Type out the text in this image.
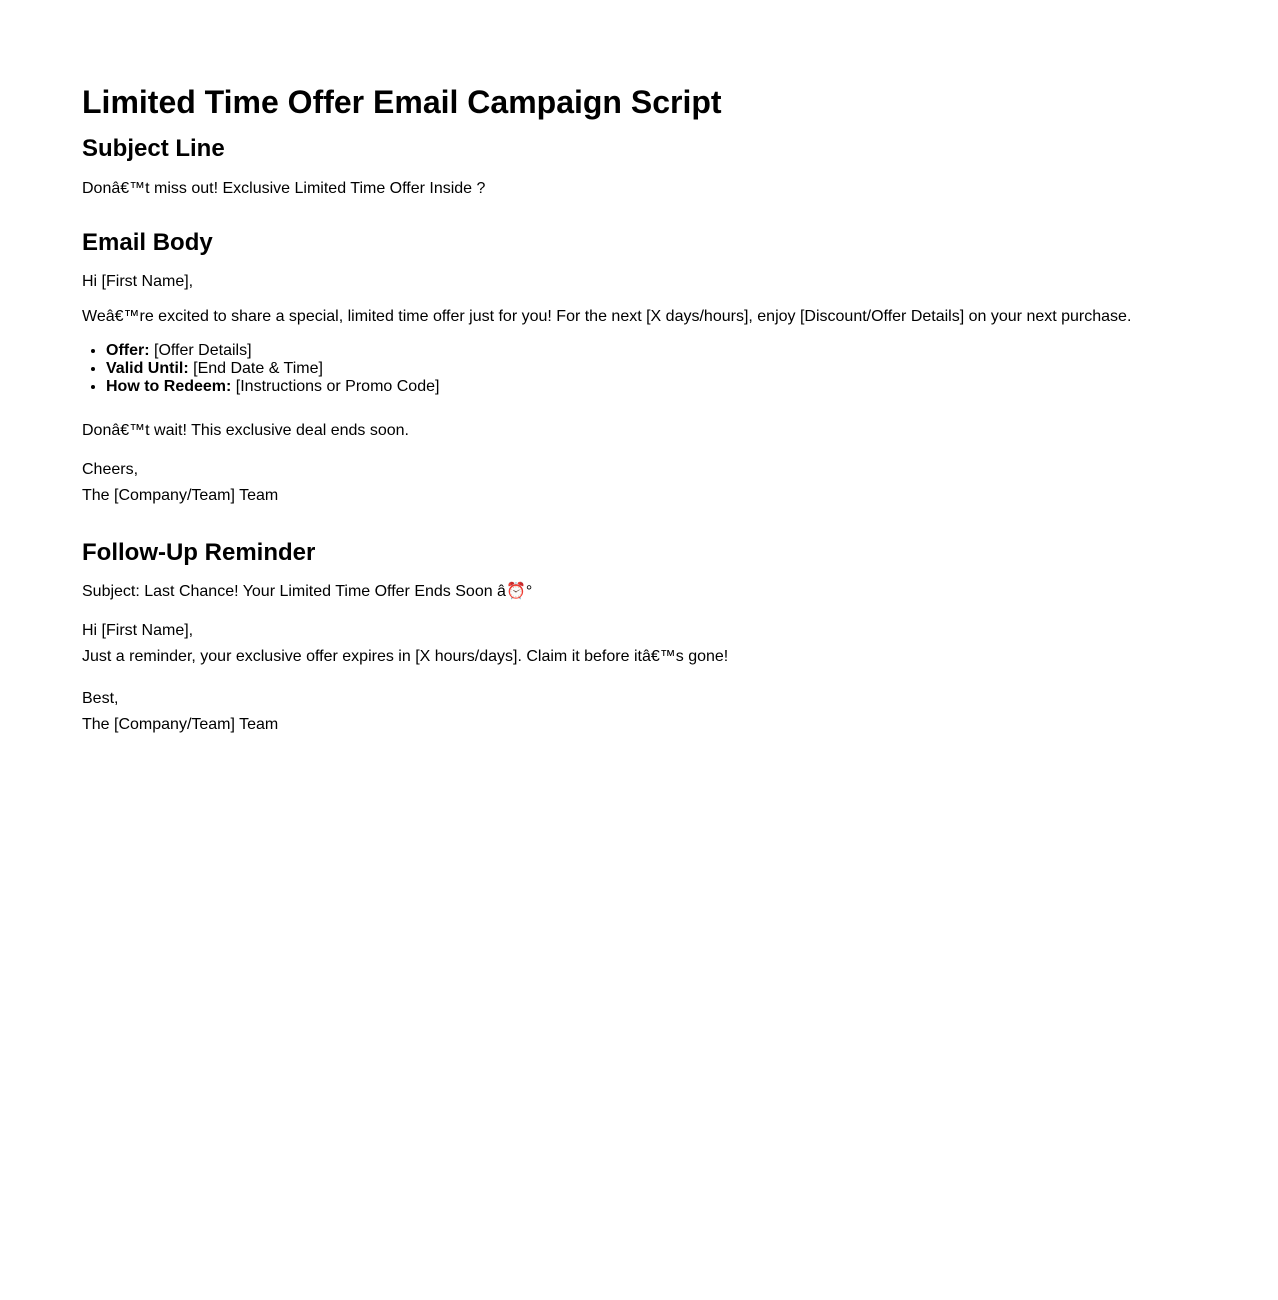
Limited Time Offer Email Campaign Script
Subject Line

Donâ€™t miss out! Exclusive Limited Time Offer Inside ?

Email Body

Hi [First Name],

Weâ€™re excited to share a special, limited time offer just for you! For the next [X days/hours], enjoy [Discount/Offer Details] on your next purchase.

• Offer: [Offer Details]
• Valid Until: [End Date & Time]
• How to Redeem: [Instructions or Promo Code]

Donâ€™t wait! This exclusive deal ends soon.

Cheers,
The [Company/Team] Team
Follow-Up Reminder

Subject: Last Chance! Your Limited Time Offer Ends Soon â⏰°

Hi [First Name],
Just a reminder, your exclusive offer expires in [X hours/days]. Claim it before itâ€™s gone!
Best,
The [Company/Team] Team
